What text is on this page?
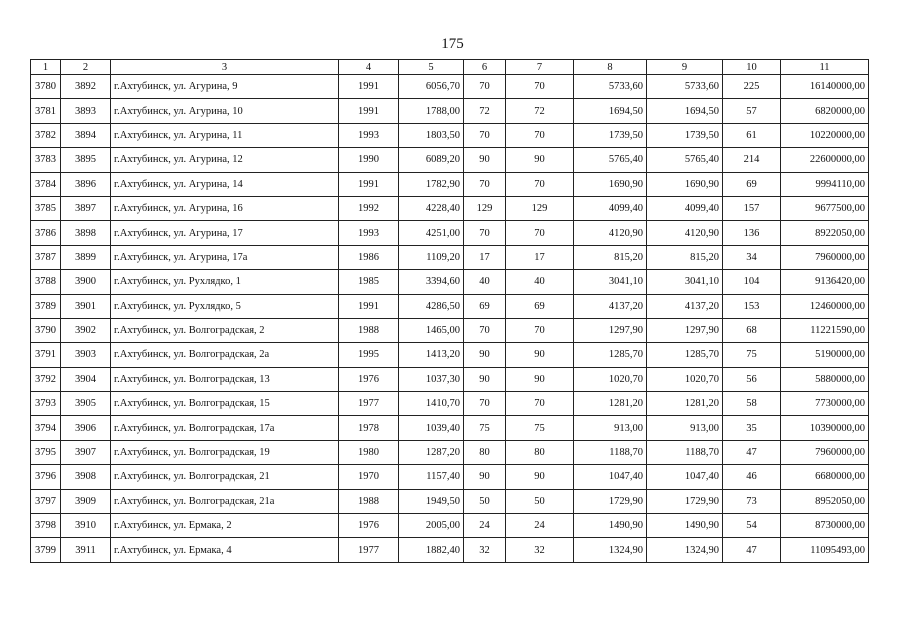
175
1	2	3	4	5	6	7	8	9	10	11
3780	3892	г.Ахтубинск, ул. Агурина, 9	1991	6056,70	70	70	5733,60	5733,60	225	16140000,00
3781	3893	г.Ахтубинск, ул. Агурина, 10	1991	1788,00	72	72	1694,50	1694,50	57	6820000,00
3782	3894	г.Ахтубинск, ул. Агурина, 11	1993	1803,50	70	70	1739,50	1739,50	61	10220000,00
3783	3895	г.Ахтубинск, ул. Агурина, 12	1990	6089,20	90	90	5765,40	5765,40	214	22600000,00
3784	3896	г.Ахтубинск, ул. Агурина, 14	1991	1782,90	70	70	1690,90	1690,90	69	9994110,00
3785	3897	г.Ахтубинск, ул. Агурина, 16	1992	4228,40	129	129	4099,40	4099,40	157	9677500,00
3786	3898	г.Ахтубинск, ул. Агурина, 17	1993	4251,00	70	70	4120,90	4120,90	136	8922050,00
3787	3899	г.Ахтубинск, ул. Агурина, 17а	1986	1109,20	17	17	815,20	815,20	34	7960000,00
3788	3900	г.Ахтубинск, ул. Рухлядко, 1	1985	3394,60	40	40	3041,10	3041,10	104	9136420,00
3789	3901	г.Ахтубинск, ул. Рухлядко, 5	1991	4286,50	69	69	4137,20	4137,20	153	12460000,00
3790	3902	г.Ахтубинск, ул. Волгоградская, 2	1988	1465,00	70	70	1297,90	1297,90	68	11221590,00
3791	3903	г.Ахтубинск, ул. Волгоградская, 2а	1995	1413,20	90	90	1285,70	1285,70	75	5190000,00
3792	3904	г.Ахтубинск, ул. Волгоградская, 13	1976	1037,30	90	90	1020,70	1020,70	56	5880000,00
3793	3905	г.Ахтубинск, ул. Волгоградская, 15	1977	1410,70	70	70	1281,20	1281,20	58	7730000,00
3794	3906	г.Ахтубинск, ул. Волгоградская, 17а	1978	1039,40	75	75	913,00	913,00	35	10390000,00
3795	3907	г.Ахтубинск, ул. Волгоградская, 19	1980	1287,20	80	80	1188,70	1188,70	47	7960000,00
3796	3908	г.Ахтубинск, ул. Волгоградская, 21	1970	1157,40	90	90	1047,40	1047,40	46	6680000,00
3797	3909	г.Ахтубинск, ул. Волгоградская, 21а	1988	1949,50	50	50	1729,90	1729,90	73	8952050,00
3798	3910	г.Ахтубинск, ул. Ермака, 2	1976	2005,00	24	24	1490,90	1490,90	54	8730000,00
3799	3911	г.Ахтубинск, ул. Ермака, 4	1977	1882,40	32	32	1324,90	1324,90	47	11095493,00
